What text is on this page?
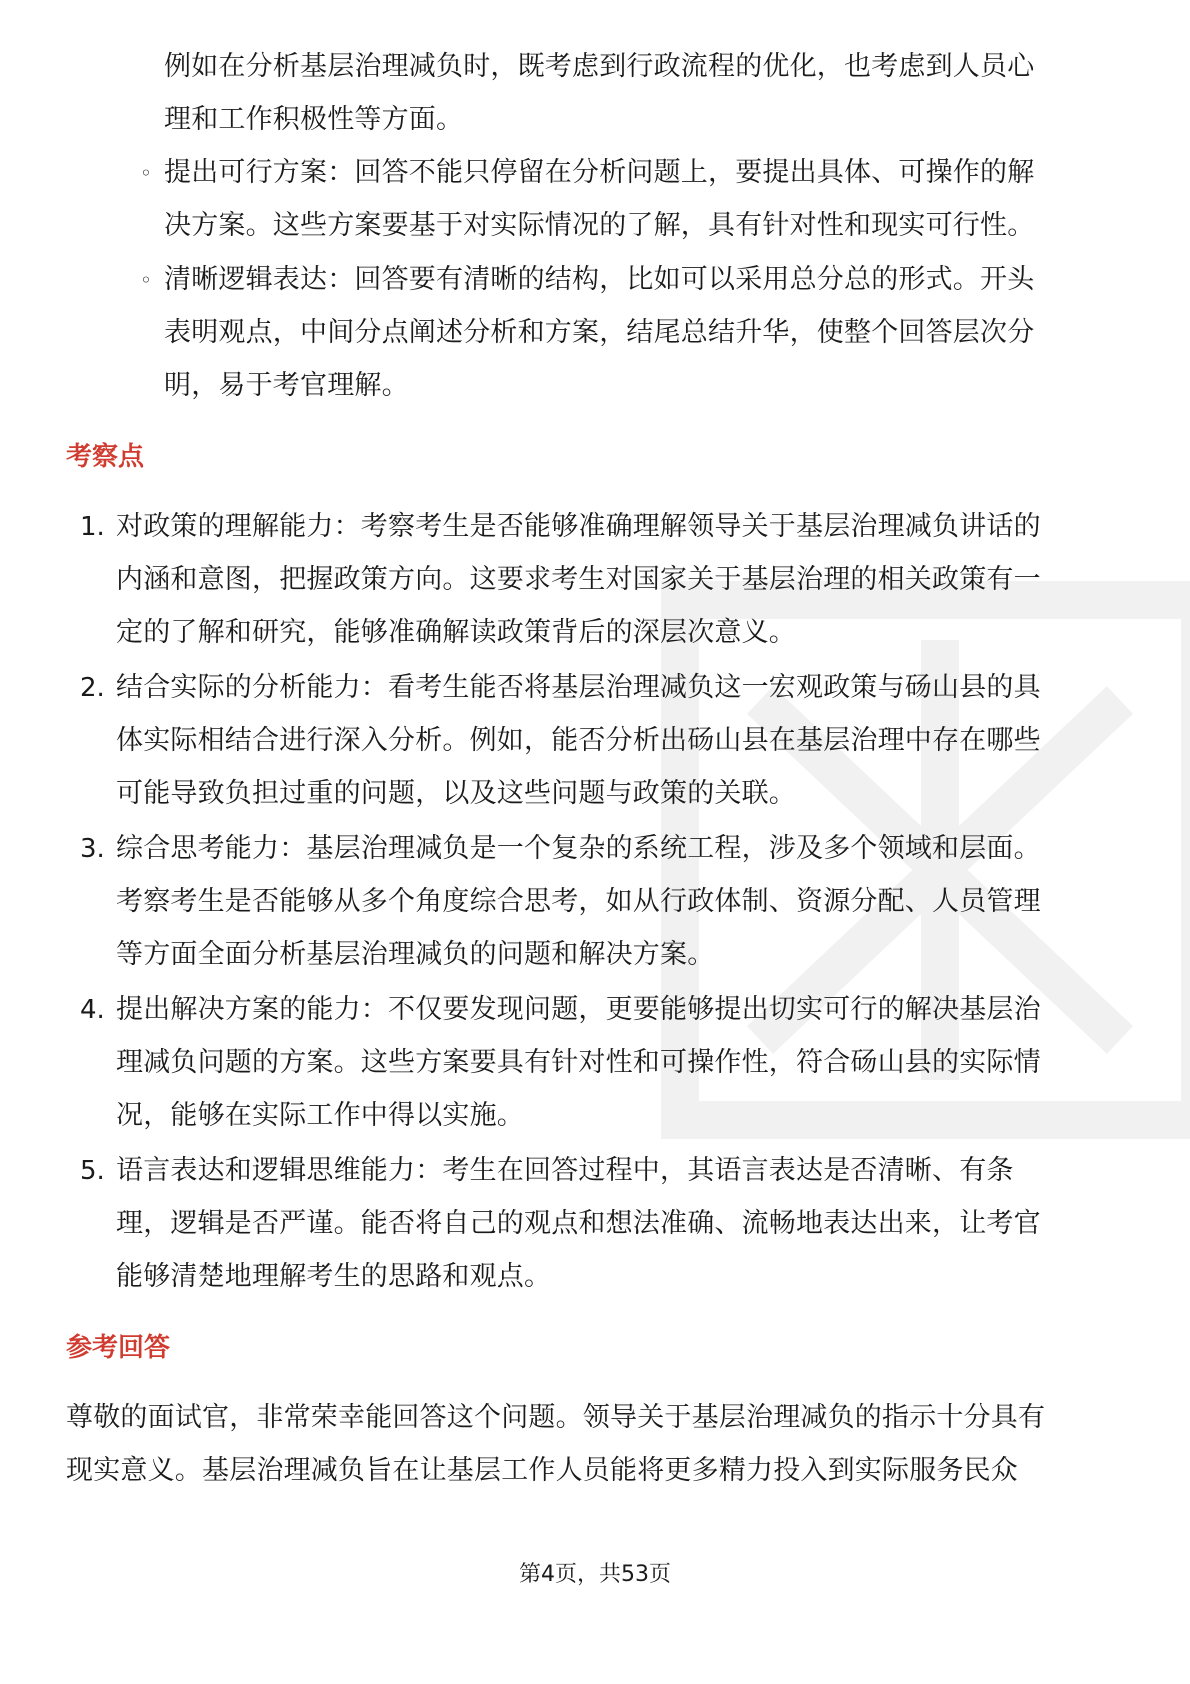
例如在分析基层治理减负时，既考虑到行政流程的优化，也考虑到人员心
理和工作积极性等方面。
◦ 提出可行方案：回答不能只停留在分析问题上，要提出具体、可操作的解
决方案。这些方案要基于对实际情况的了解，具有针对性和现实可行性。
◦ 清晰逻辑表达：回答要有清晰的结构，比如可以采用总分总的形式。开头
表明观点，中间分点阐述分析和方案，结尾总结升华，使整个回答层次分
明，易于考官理解。
考察点
1. 对政策的理解能力：考察考生是否能够准确理解领导关于基层治理减负讲话的
内涵和意图，把握政策方向。这要求考生对国家关于基层治理的相关政策有一
定的了解和研究，能够准确解读政策背后的深层次意义。
2. 结合实际的分析能力：看考生能否将基层治理减负这一宏观政策与砀山县的具
体实际相结合进行深入分析。例如，能否分析出砀山县在基层治理中存在哪些
可能导致负担过重的问题，以及这些问题与政策的关联。
3. 综合思考能力：基层治理减负是一个复杂的系统工程，涉及多个领域和层面。
考察考生是否能够从多个角度综合思考，如从行政体制、资源分配、人员管理
等方面全面分析基层治理减负的问题和解决方案。
4. 提出解决方案的能力：不仅要发现问题，更要能够提出切实可行的解决基层治
理减负问题的方案。这些方案要具有针对性和可操作性，符合砀山县的实际情
况，能够在实际工作中得以实施。
5. 语言表达和逻辑思维能力：考生在回答过程中，其语言表达是否清晰、有条
理，逻辑是否严谨。能否将自己的观点和想法准确、流畅地表达出来，让考官
能够清楚地理解考生的思路和观点。
参考回答
尊敬的面试官，非常荣幸能回答这个问题。领导关于基层治理减负的指示十分具有
现实意义。基层治理减负旨在让基层工作人员能将更多精力投入到实际服务民众
第4页，共53页
